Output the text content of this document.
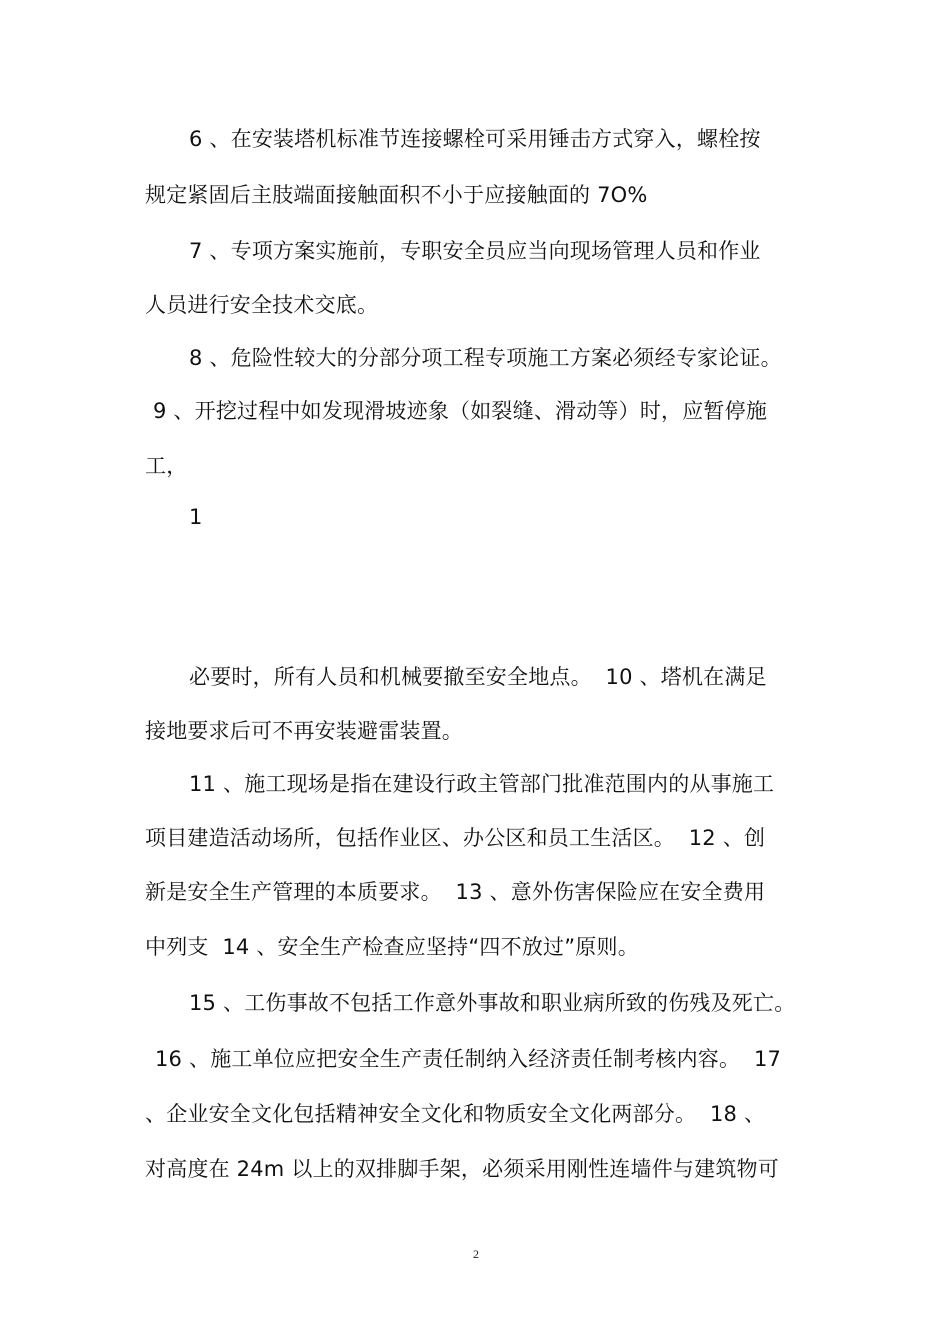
6 、在安装塔机标准节连接螺栓可采用锤击方式穿入，螺栓按
规定紧固后主肢端面接触面积不小于应接触面的 7O%
7 、专项方案实施前，专职安全员应当向现场管理人员和作业
人员进行安全技术交底。
8 、危险性较大的分部分项工程专项施工方案必须经专家论证。
9 、开挖过程中如发现滑坡迹象（如裂缝、滑动等）时，应暂停施
工，
1
必要时，所有人员和机械要撤至安全地点。  10 、塔机在满足
接地要求后可不再安装避雷装置。
11 、施工现场是指在建设行政主管部门批准范围内的从事施工
项目建造活动场所，包括作业区、办公区和员工生活区。  12 、创
新是安全生产管理的本质要求。  13 、意外伤害保险应在安全费用
中列支  14 、安全生产检查应坚持“四不放过”原则。
15 、工伤事故不包括工作意外事故和职业病所致的伤残及死亡。
16 、施工单位应把安全生产责任制纳入经济责任制考核内容。  17
、企业安全文化包括精神安全文化和物质安全文化两部分。  18 、
对高度在 24m 以上的双排脚手架，必须采用刚性连墙件与建筑物可
2
